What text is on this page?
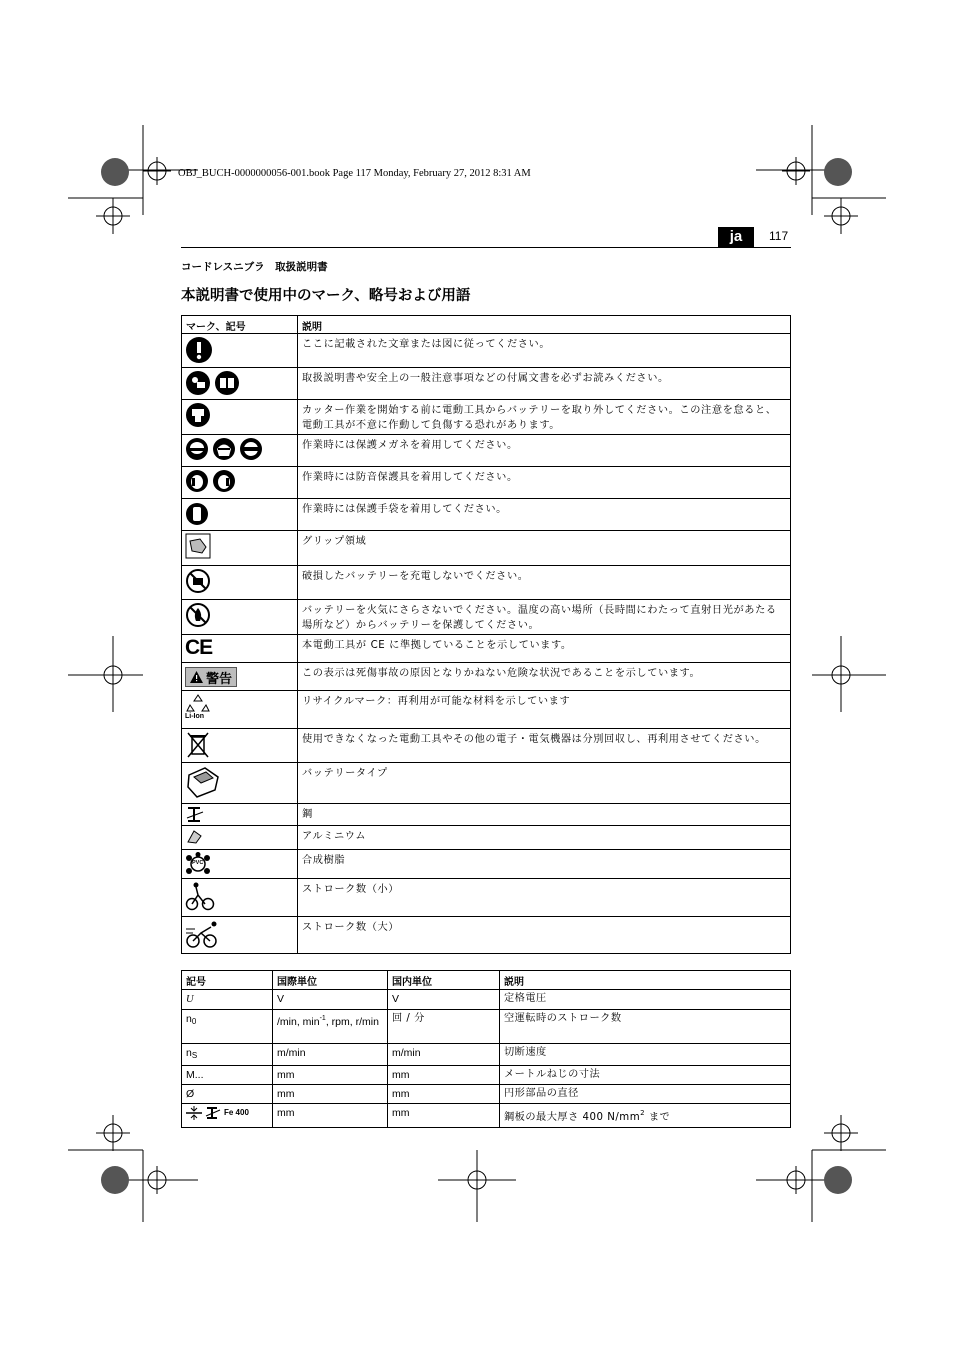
OBJ_BUCH-0000000056-001.book Page 117 Monday, February 27, 2012 8:31 AM
ja	117
コードレスニブラ　取扱説明書
本説明書で使用中のマーク、略号および用語
マーク、記号	説明

	ここに記載された文章または図に従ってください。

	取扱説明書や安全上の一般注意事項などの付属文書を必ずお読みください。

	カッター作業を開始する前に電動工具からバッテリーを取り外してください。この注意を怠ると、電動工具が不意に作動して負傷する恐れがあります。

	作業時には保護メガネを着用してください。

	作業時には防音保護具を着用してください。

	作業時には保護手袋を着用してください。

	グリップ領域

	破損したバッテリーを充電しないでください。

	バッテリーを火気にさらさないでください。温度の高い場所（長時間にわたって直射日光があたる場所など）からバッテリーを保護してください。

CE	本電動工具が CE に準拠していることを示しています。

警告	この表示は死傷事故の原因となりかねない危険な状況であることを示しています。

Li-Ion	リサイクルマーク：再利用が可能な材料を示しています

	使用できなくなった電動工具やその他の電子・電気機器は分別回収し、再利用させてください。

	バッテリータイプ

	鋼

	アルミニウム

PVC	合成樹脂

	ストローク数（小）

	ストローク数（大）
記号	国際単位	国内単位	説明
U	V	V	定格電圧
$n_0$	/min, $\min^{-1}$, rpm, r/min	回 / 分	空運転時のストローク数
$n_S$	m/min	m/min	切断速度
M...	mm	mm	メートルねじの寸法
Ø	mm	mm	円形部品の直径

Fe 400	mm	mm	鋼板の最大厚さ 400 $N/mm^2$ まで
